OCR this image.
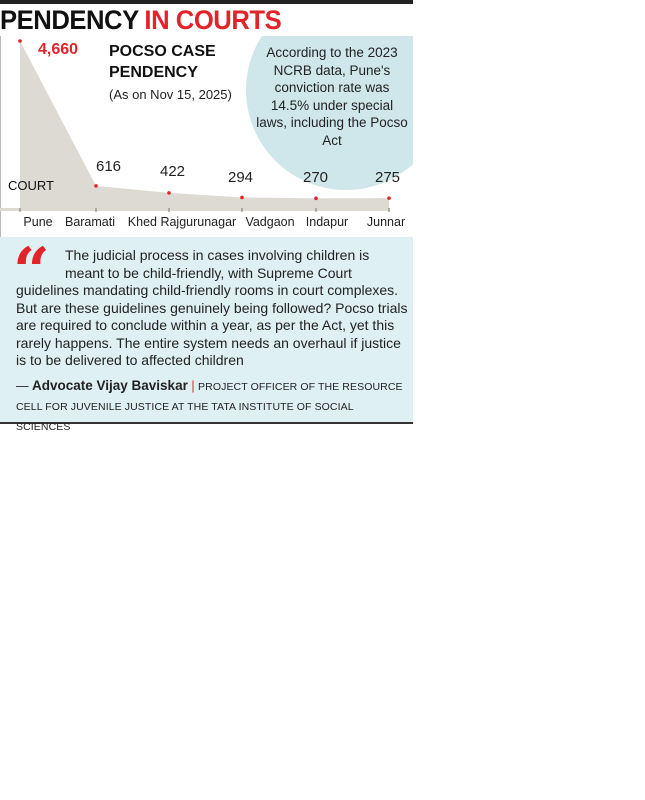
PENDENCY IN COURTS
According to the 2023 NCRB data, Pune's conviction rate was 14.5% under special laws, including the Pocso Act
POCSO CASE PENDENCY
(As on Nov 15, 2025)
COURT
4,660
616	422	294	270	275
Pune Baramati Khed Rajgurunagar Vadgaon Indapur Junnar
“	The judicial process in cases involving children is meant to be child-friendly, with Supreme Court guidelines mandating child-friendly rooms in court complexes. But are these guidelines genuinely being followed? Pocso trials are required to conclude within a year, as per the Act, yet this rarely happens. The entire system needs an overhaul if justice is to be delivered to affected children
— Advocate Vijay Baviskar | PROJECT OFFICER OF THE RESOURCE CELL FOR JUVENILE JUSTICE AT THE TATA INSTITUTE OF SOCIAL SCIENCES
